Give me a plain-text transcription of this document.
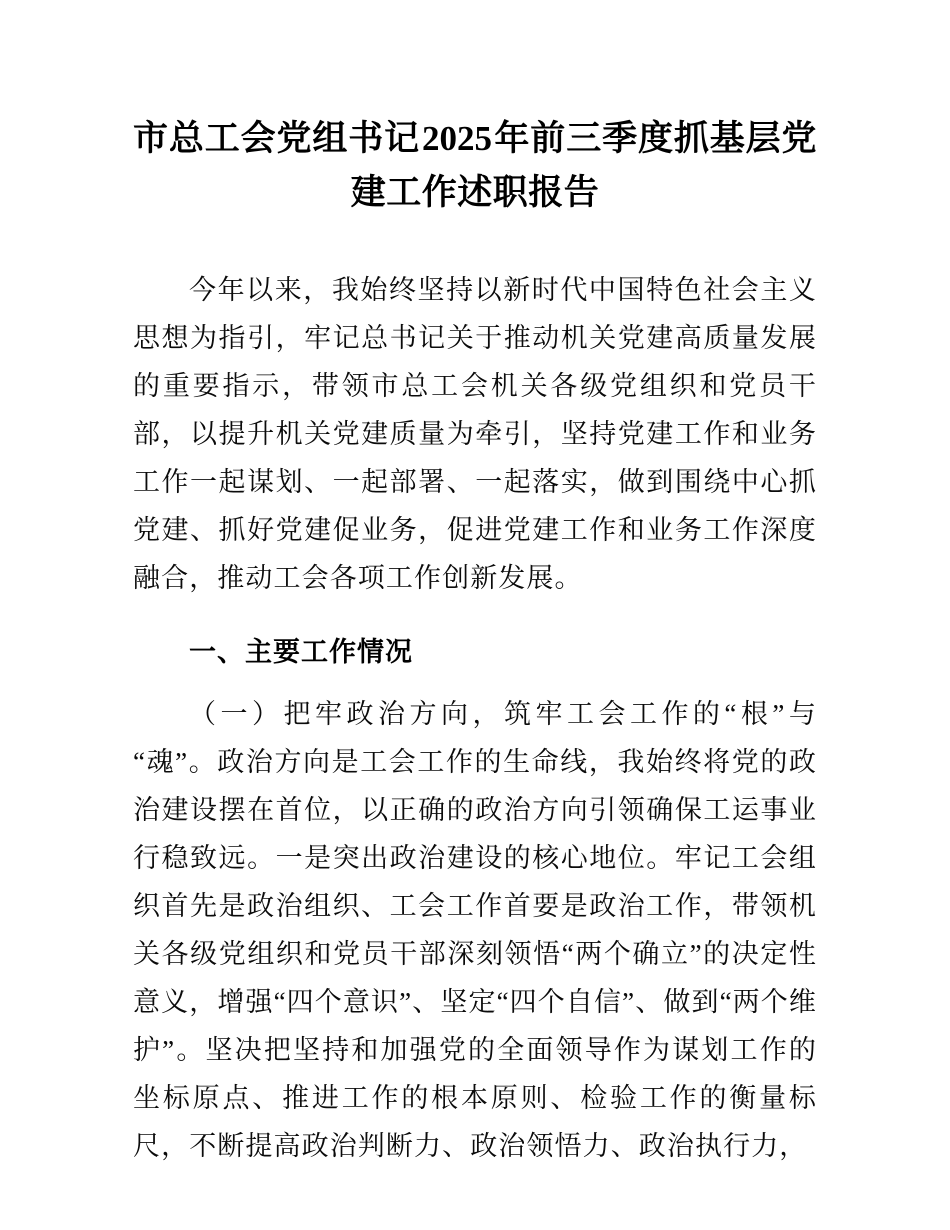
市总工会党组书记2025年前三季度抓基层党建工作述职报告

今年以来，我始终坚持以新时代中国特色社会主义思想为指引，牢记总书记关于推动机关党建高质量发展的重要指示，带领市总工会机关各级党组织和党员干部，以提升机关党建质量为牵引，坚持党建工作和业务工作一起谋划、一起部署、一起落实，做到围绕中心抓党建、抓好党建促业务，促进党建工作和业务工作深度融合，推动工会各项工作创新发展。

一、主要工作情况

（一）把牢政治方向，筑牢工会工作的“根”与“魂”。政治方向是工会工作的生命线，我始终将党的政治建设摆在首位，以正确的政治方向引领确保工运事业行稳致远。一是突出政治建设的核心地位。牢记工会组织首先是政治组织、工会工作首要是政治工作，带领机关各级党组织和党员干部深刻领悟“两个确立”的决定性意义，增强“四个意识”、坚定“四个自信”、做到“两个维护”。坚决把坚持和加强党的全面领导作为谋划工作的坐标原点、推进工作的根本原则、检验工作的衡量标尺，不断提高政治判断力、政治领悟力、政治执行力，
